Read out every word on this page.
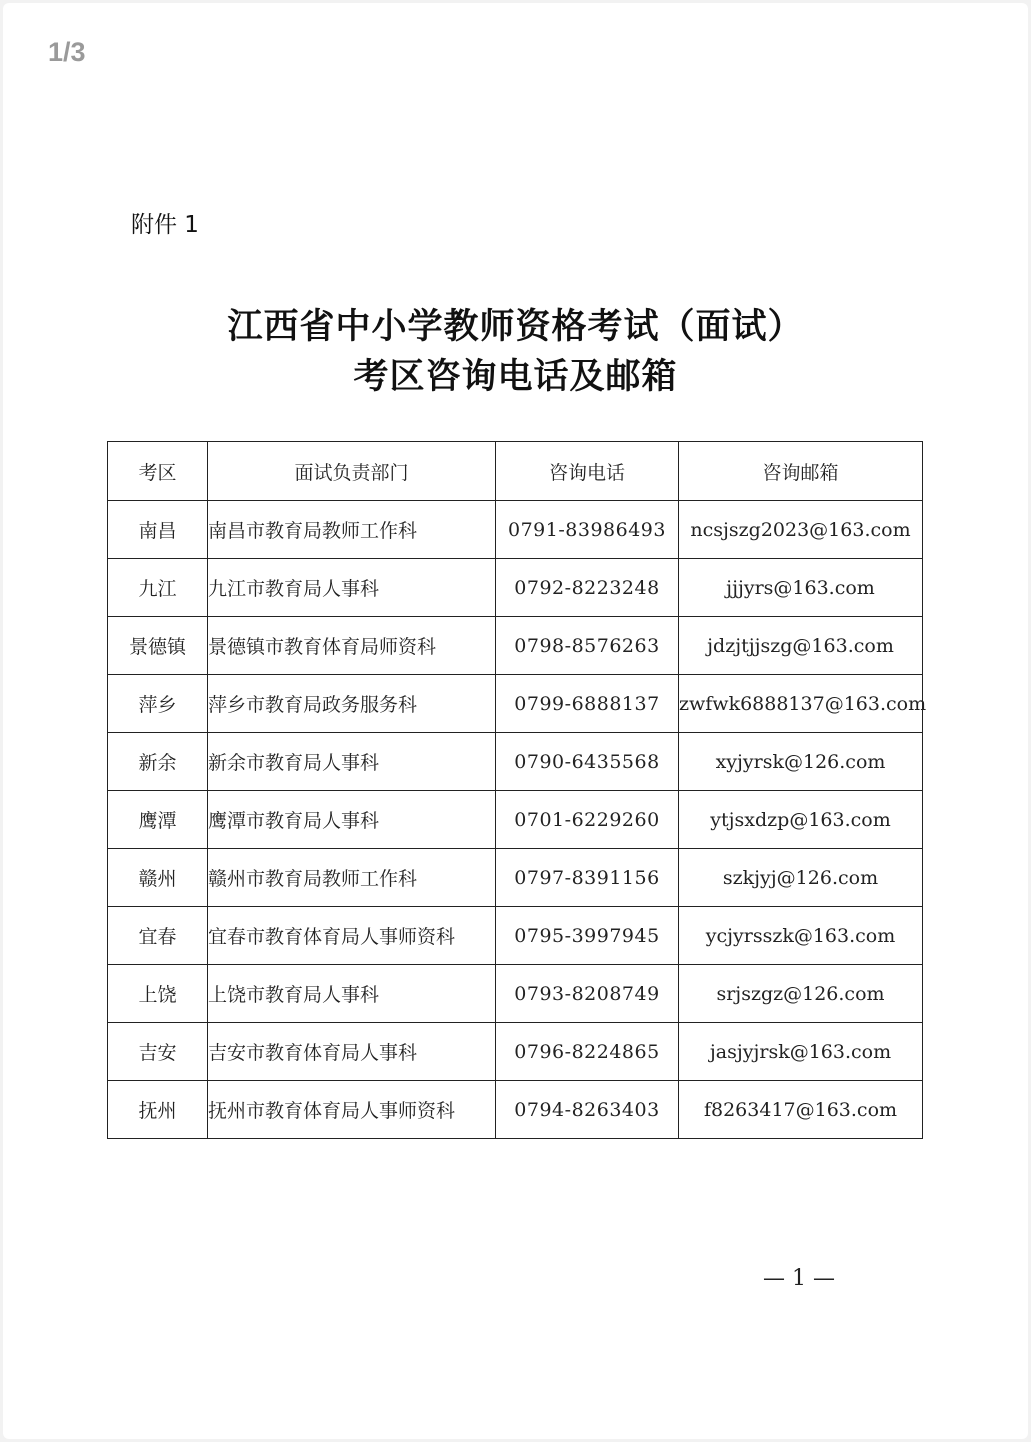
1/3
附件 1
江西省中小学教师资格考试（面试）
考区咨询电话及邮箱
考区	面试负责部门	咨询电话	咨询邮箱
南昌	南昌市教育局教师工作科	0791-83986493	ncsjszg2023@163.com
九江	九江市教育局人事科	0792-8223248	jjjyrs@163.com
景德镇	景德镇市教育体育局师资科	0798-8576263	jdzjtjjszg@163.com
萍乡	萍乡市教育局政务服务科	0799-6888137	zwfwk6888137@163.com
新余	新余市教育局人事科	0790-6435568	xyjyrsk@126.com
鹰潭	鹰潭市教育局人事科	0701-6229260	ytjsxdzp@163.com
赣州	赣州市教育局教师工作科	0797-8391156	szkjyj@126.com
宜春	宜春市教育体育局人事师资科	0795-3997945	ycjyrsszk@163.com
上饶	上饶市教育局人事科	0793-8208749	srjszgz@126.com
吉安	吉安市教育体育局人事科	0796-8224865	jasjyjrsk@163.com
抚州	抚州市教育体育局人事师资科	0794-8263403	f8263417@163.com
— 1 —
